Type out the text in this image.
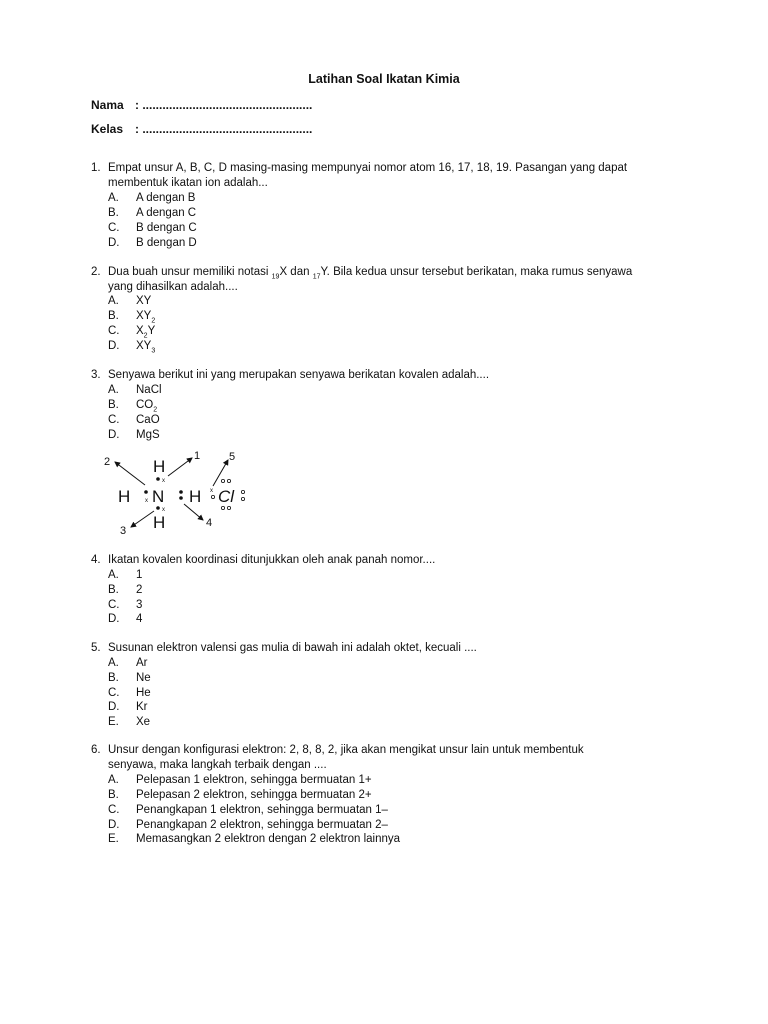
Latihan Soal Ikatan Kimia
Nama : ...................................................
Kelas : ...................................................
1. Empat unsur A, B, C, D masing-masing mempunyai nomor atom 16, 17, 18, 19. Pasangan yang dapat
membentuk ikatan ion adalah...
A. A dengan B
B. A dengan C
C. B dengan C
D. B dengan D
2. Dua buah unsur memiliki notasi $_{19}$X dan $_{17}$Y. Bila kedua unsur tersebut berikatan, maka rumus senyawa
yang dihasilkan adalah....
A. XY
B. $XY_2$
C. $X_2Y$
D. $XY_3$
3. Senyawa berikut ini yang merupakan senyawa berikatan kovalen adalah....
A. NaCl
B. $CO_2$
C. CaO
D. MgS
H
H N H Cl
H
x
x
x
x
2	1	5
3
4
4. Ikatan kovalen koordinasi ditunjukkan oleh anak panah nomor....
A. 1
B. 2
C. 3
D. 4
5. Susunan elektron valensi gas mulia di bawah ini adalah oktet, kecuali ....
A. Ar
B. Ne
C. He
D. Kr
E. Xe
6. Unsur dengan konfigurasi elektron: 2, 8, 8, 2, jika akan mengikat unsur lain untuk membentuk
senyawa, maka langkah terbaik dengan ....
A. Pelepasan 1 elektron, sehingga bermuatan 1+
B. Pelepasan 2 elektron, sehingga bermuatan 2+
C. Penangkapan 1 elektron, sehingga bermuatan 1–
D. Penangkapan 2 elektron, sehingga bermuatan 2–
E. Memasangkan 2 elektron dengan 2 elektron lainnya
